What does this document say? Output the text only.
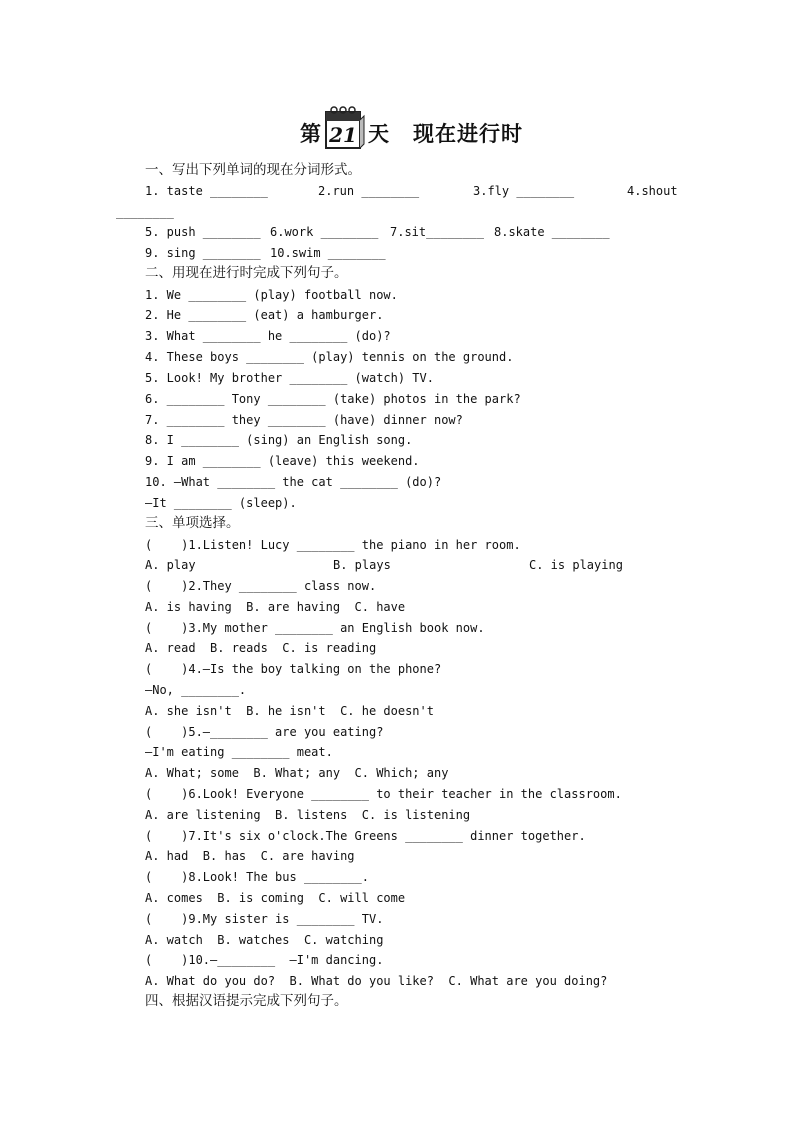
第 21 天 现在进行时
一、写出下列单词的现在分词形式。
1. taste ________	2.run ________	3.fly ________	4.shout
________
5. push ________ 6.work ________ 7.sit________ 8.skate ________
9. sing ________ 10.swim ________
二、用现在进行时完成下列句子。
1. We ________ (play) football now.
2. He ________ (eat) a hamburger.
3. What ________ he ________ (do)?
4. These boys ________ (play) tennis on the ground.
5. Look! My brother ________ (watch) TV.
6. ________ Tony ________ (take) photos in the park?
7. ________ they ________ (have) dinner now?
8. I ________ (sing) an English song.
9. I am ________ (leave) this weekend.
10. —What ________ the cat ________ (do)?
—It ________ (sleep).
三、单项选择。
(    )1.Listen! Lucy ________ the piano in her room.
A. play	B. plays	C. is playing
(    )2.They ________ class now.
A. is having  B. are having  C. have
(    )3.My mother ________ an English book now.
A. read  B. reads  C. is reading
(    )4.—Is the boy talking on the phone?
—No, ________.
A. she isn't  B. he isn't  C. he doesn't
(    )5.—________ are you eating?
—I'm eating ________ meat.
A. What; some  B. What; any  C. Which; any
(    )6.Look! Everyone ________ to their teacher in the classroom.
A. are listening  B. listens  C. is listening
(    )7.It's six o'clock.The Greens ________ dinner together.
A. had  B. has  C. are having
(    )8.Look! The bus ________.
A. comes  B. is coming  C. will come
(    )9.My sister is ________ TV.
A. watch  B. watches  C. watching
(    )10.—________  —I'm dancing.
A. What do you do?  B. What do you like?  C. What are you doing?
四、根据汉语提示完成下列句子。
